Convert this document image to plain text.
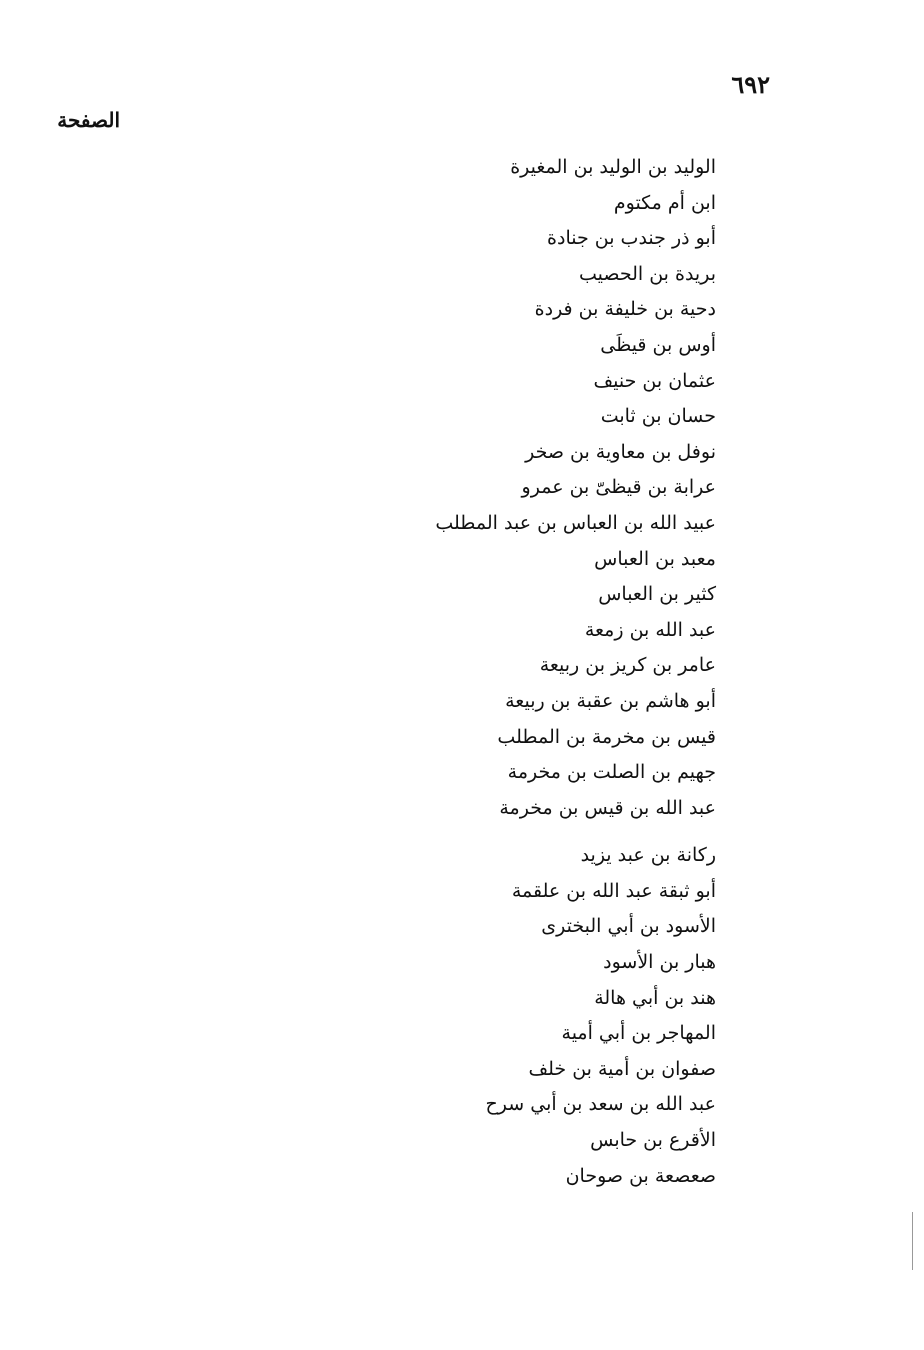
٦٩٢
الصفحة
الوليد بن الوليد بن المغيرة
ابن أم مكتوم
أبو ذر جندب بن جنادة
بريدة بن الحصيب
دحية بن خليفة بن فردة
أوس بن قيظَى
عثمان بن حنيف
حسان بن ثابت
نوفل بن معاوية بن صخر
عرابة بن قيظىّ بن عمرو
عبيد الله بن العباس بن عبد المطلب
معبد بن العباس
كثير بن العباس
عبد الله بن زمعة
عامر بن كريز بن ربيعة
أبو هاشم بن عقبة بن ربيعة
قيس بن مخرمة بن المطلب
جهيم بن الصلت بن مخرمة
عبد الله بن قيس بن مخرمة
ركانة بن عبد يزيد
أبو ثبقة عبد الله بن علقمة
الأسود بن أبي البخترى
هبار بن الأسود
هند بن أبي هالة
المهاجر بن أبي أمية
صفوان بن أمية بن خلف
عبد الله بن سعد بن أبي سرح
الأقرع بن حابس
صعصعة بن صوحان
